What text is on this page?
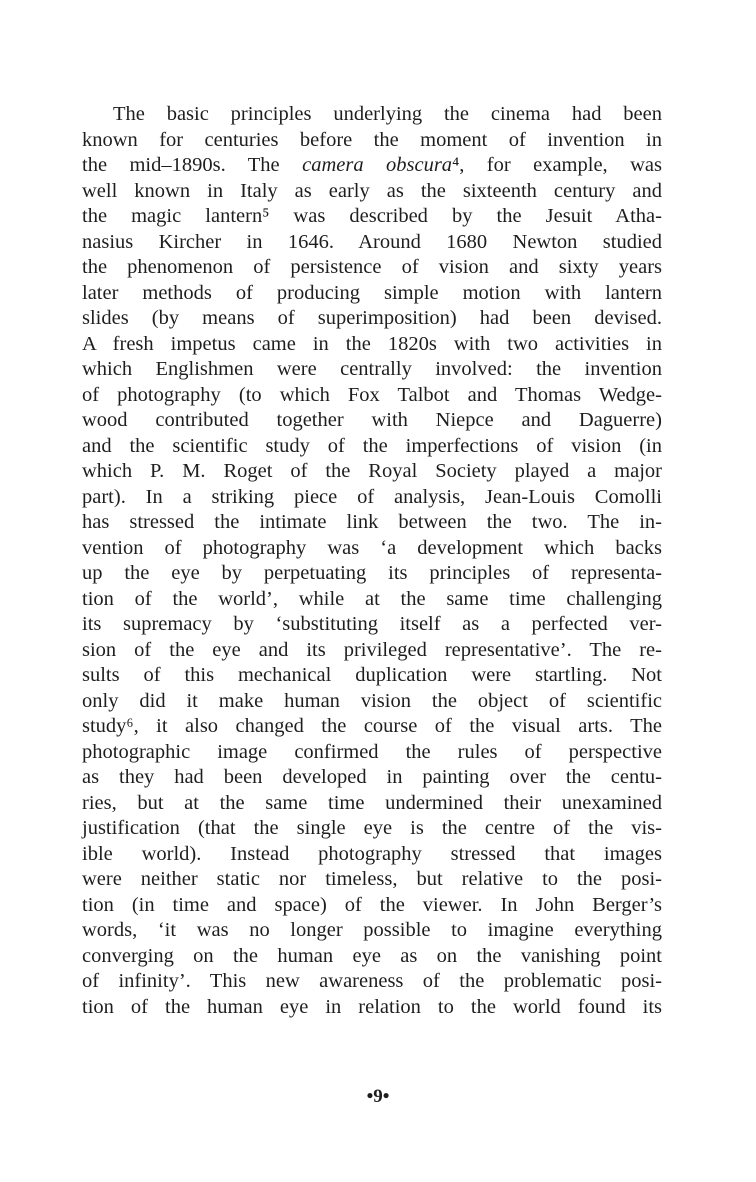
The basic principles underlying the cinema had been
known for centuries before the moment of invention in
the mid–1890s. The camera obscura⁴, for example, was
well known in Italy as early as the sixteenth century and
the magic lantern⁵ was described by the Jesuit Atha-
nasius Kircher in 1646. Around 1680 Newton studied
the phenomenon of persistence of vision and sixty years
later methods of producing simple motion with lantern
slides (by means of superimposition) had been devised.
A fresh impetus came in the 1820s with two activities in
which Englishmen were centrally involved: the invention
of photography (to which Fox Talbot and Thomas Wedge-
wood contributed together with Niepce and Daguerre)
and the scientific study of the imperfections of vision (in
which P. M. Roget of the Royal Society played a major
part). In a striking piece of analysis, Jean-Louis Comolli
has stressed the intimate link between the two. The in-
vention of photography was ‘a development which backs
up the eye by perpetuating its principles of representa-
tion of the world’, while at the same time challenging
its supremacy by ‘substituting itself as a perfected ver-
sion of the eye and its privileged representative’. The re-
sults of this mechanical duplication were startling. Not
only did it make human vision the object of scientific
study⁶, it also changed the course of the visual arts. The
photographic image confirmed the rules of perspective
as they had been developed in painting over the centu-
ries, but at the same time undermined their unexamined
justification (that the single eye is the centre of the vis-
ible world). Instead photography stressed that images
were neither static nor timeless, but relative to the posi-
tion (in time and space) of the viewer. In John Berger’s
words, ‘it was no longer possible to imagine everything
converging on the human eye as on the vanishing point
of infinity’. This new awareness of the problematic posi-
tion of the human eye in relation to the world found its
•9•
